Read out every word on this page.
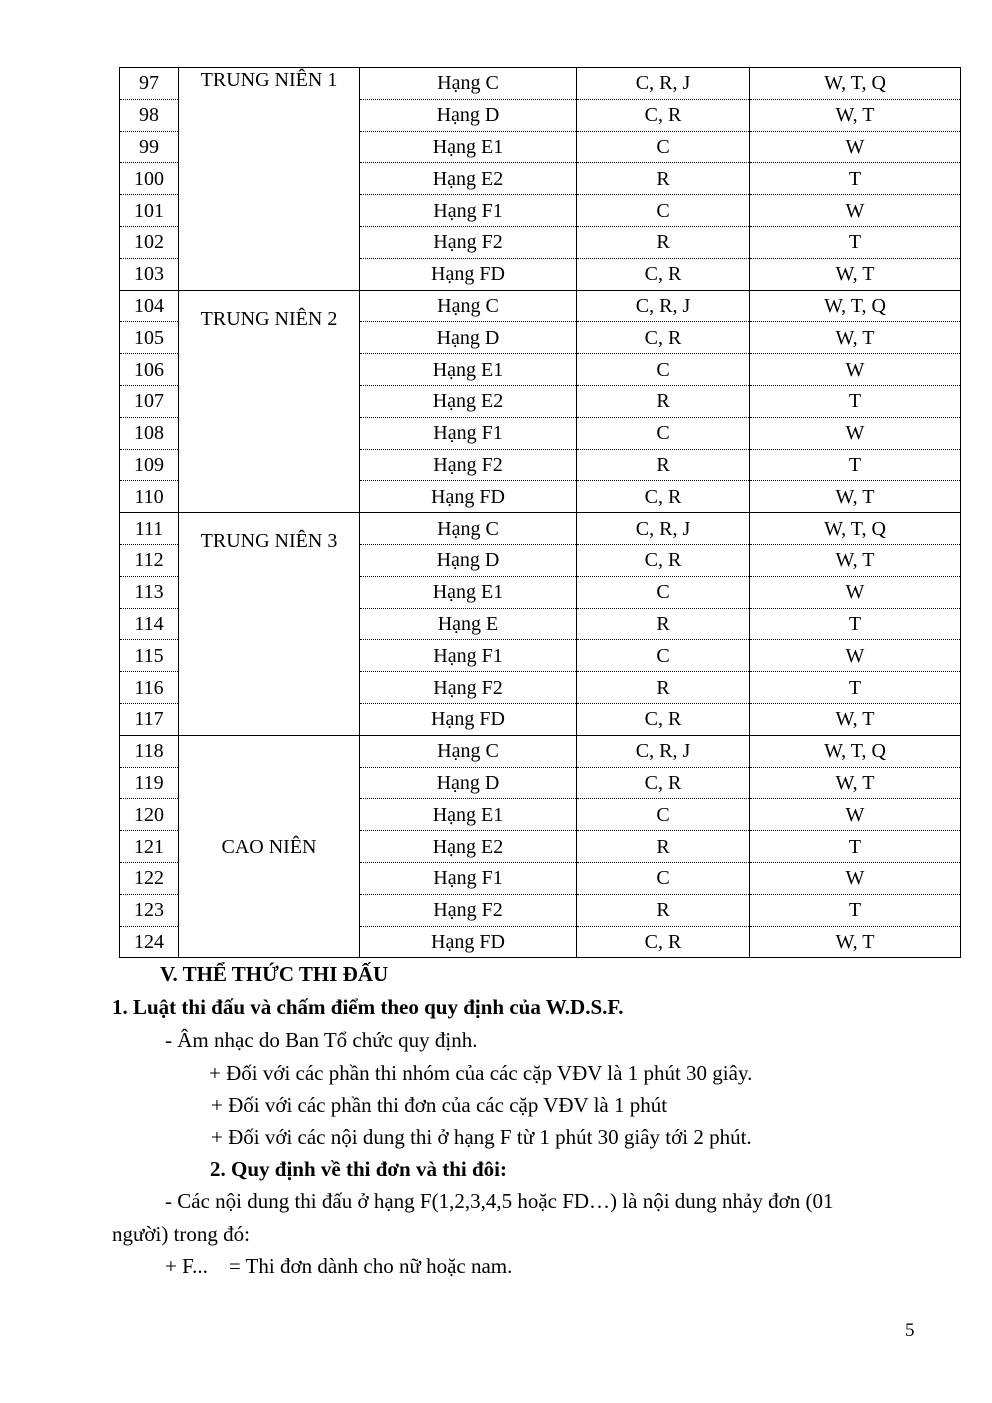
97	TRUNG NIÊN 1	Hạng C	C, R, J	W, T, Q
98		Hạng D	C, R	W, T
99		Hạng E1	C	W
100		Hạng E2	R	T
101		Hạng F1	C	W
102		Hạng F2	R	T
103		Hạng FD	C, R	W, T
104	TRUNG NIÊN 2	Hạng C	C, R, J	W, T, Q
105		Hạng D	C, R	W, T
106		Hạng E1	C	W
107		Hạng E2	R	T
108		Hạng F1	C	W
109		Hạng F2	R	T
110		Hạng FD	C, R	W, T
111	TRUNG NIÊN 3	Hạng C	C, R, J	W, T, Q
112		Hạng D	C, R	W, T
113		Hạng E1	C	W
114		Hạng E	R	T
115		Hạng F1	C	W
116		Hạng F2	R	T
117		Hạng FD	C, R	W, T
118	CAO NIÊN	Hạng C	C, R, J	W, T, Q
119		Hạng D	C, R	W, T
120		Hạng E1	C	W
121		Hạng E2	R	T
122		Hạng F1	C	W
123		Hạng F2	R	T
124		Hạng FD	C, R	W, T
V. THỂ THỨC THI ĐẤU
1. Luật thi đấu và chấm điểm theo quy định của W.D.S.F.
- Âm nhạc do Ban Tổ chức quy định.
+ Đối với các phần thi nhóm của các cặp VĐV là 1 phút 30 giây.
+ Đối với các phần thi đơn của các cặp VĐV là 1 phút
+ Đối với các nội dung thi ở hạng F từ 1 phút 30 giây tới 2 phút.
2. Quy định về thi đơn và thi đôi:
- Các nội dung thi đấu ở hạng F(1,2,3,4,5 hoặc FD…) là nội dung nhảy đơn (01
người) trong đó:
+ F...    = Thi đơn dành cho nữ hoặc nam.
5
